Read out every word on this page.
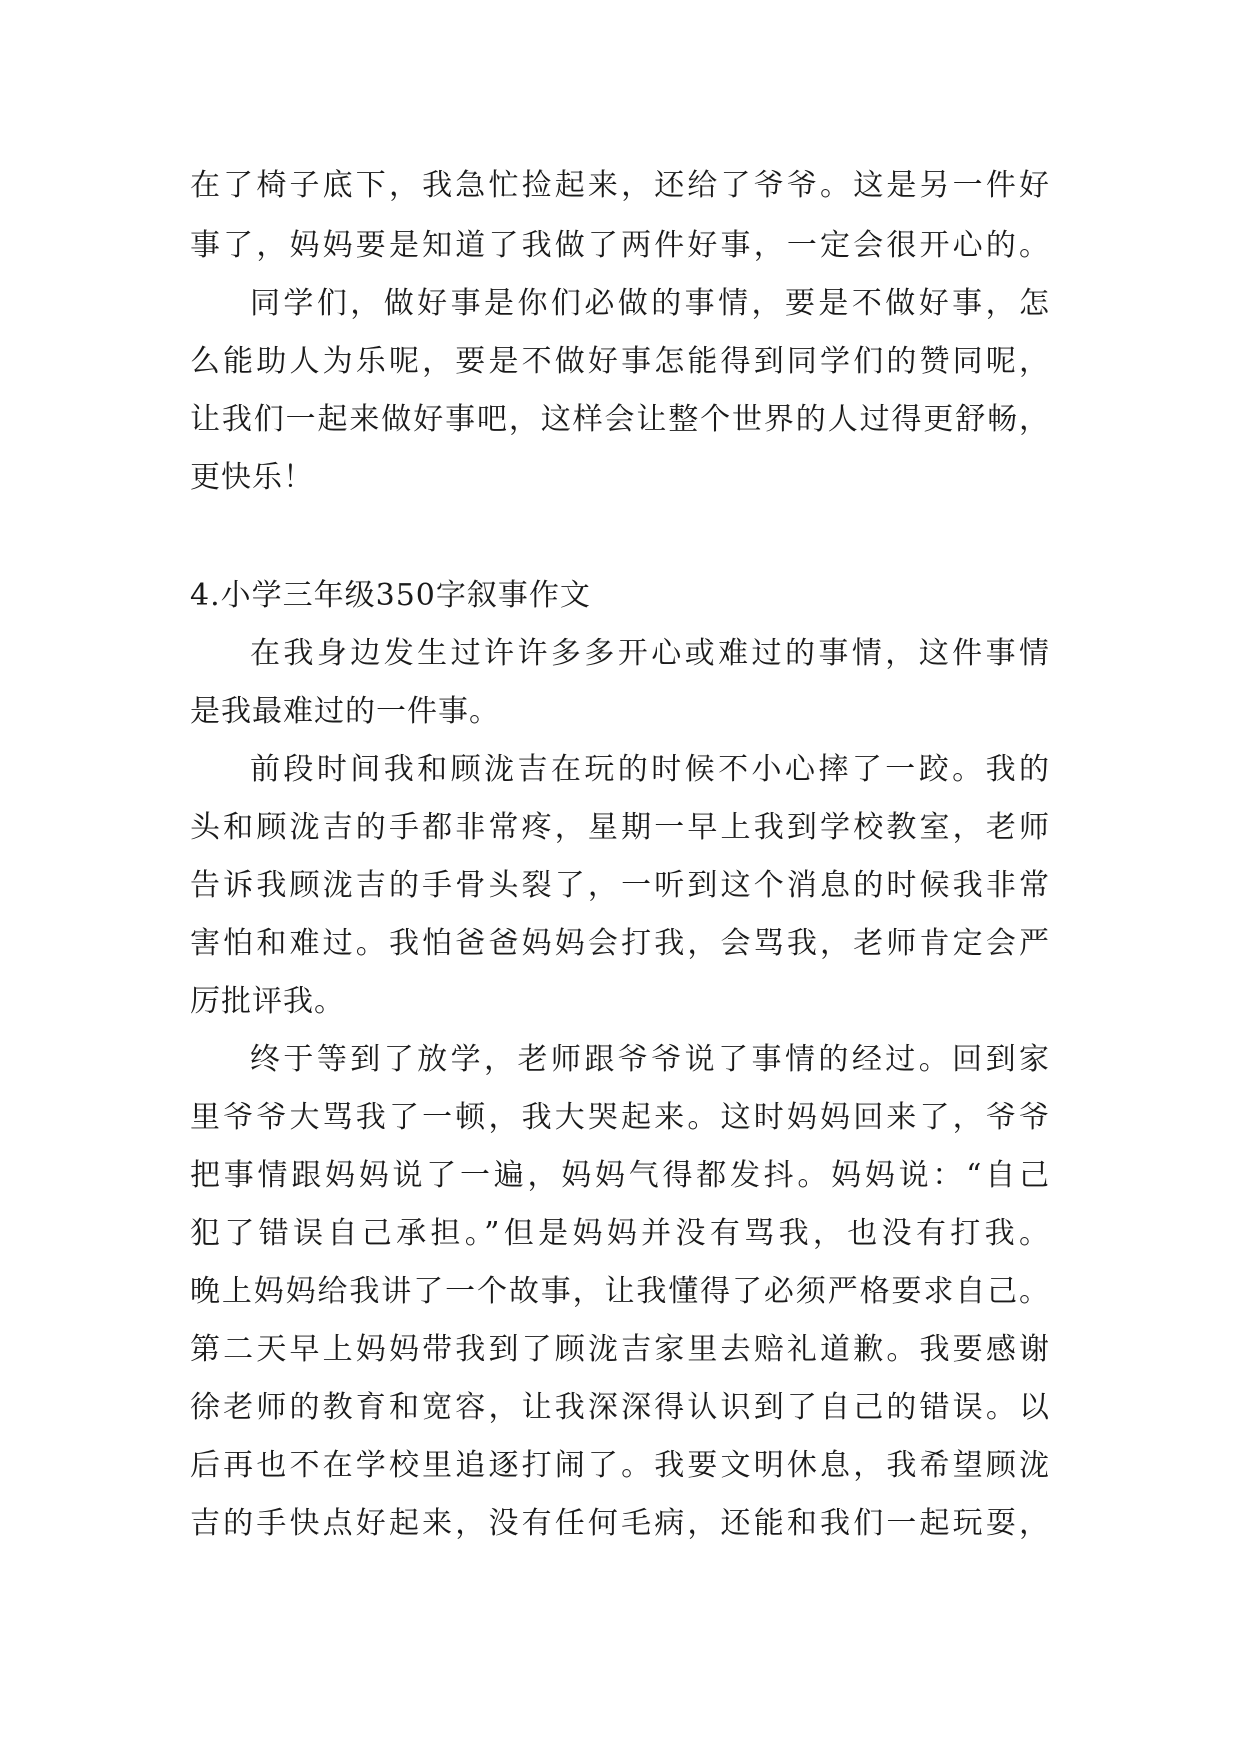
在了椅子底下，我急忙捡起来，还给了爷爷。这是另一件好
事了，妈妈要是知道了我做了两件好事，一定会很开心的。
同学们，做好事是你们必做的事情，要是不做好事，怎
么能助人为乐呢，要是不做好事怎能得到同学们的赞同呢，
让我们一起来做好事吧，这样会让整个世界的人过得更舒畅，
更快乐！
4.小学三年级350字叙事作文
在我身边发生过许许多多开心或难过的事情，这件事情
是我最难过的一件事。
前段时间我和顾泷吉在玩的时候不小心摔了一跤。我的
头和顾泷吉的手都非常疼，星期一早上我到学校教室，老师
告诉我顾泷吉的手骨头裂了，一听到这个消息的时候我非常
害怕和难过。我怕爸爸妈妈会打我，会骂我，老师肯定会严
厉批评我。
终于等到了放学，老师跟爷爷说了事情的经过。回到家
里爷爷大骂我了一顿，我大哭起来。这时妈妈回来了，爷爷
把事情跟妈妈说了一遍，妈妈气得都发抖。妈妈说：“自己
犯了错误自己承担。”但是妈妈并没有骂我，也没有打我。
晚上妈妈给我讲了一个故事，让我懂得了必须严格要求自己。
第二天早上妈妈带我到了顾泷吉家里去赔礼道歉。我要感谢
徐老师的教育和宽容，让我深深得认识到了自己的错误。以
后再也不在学校里追逐打闹了。我要文明休息，我希望顾泷
吉的手快点好起来，没有任何毛病，还能和我们一起玩耍，
